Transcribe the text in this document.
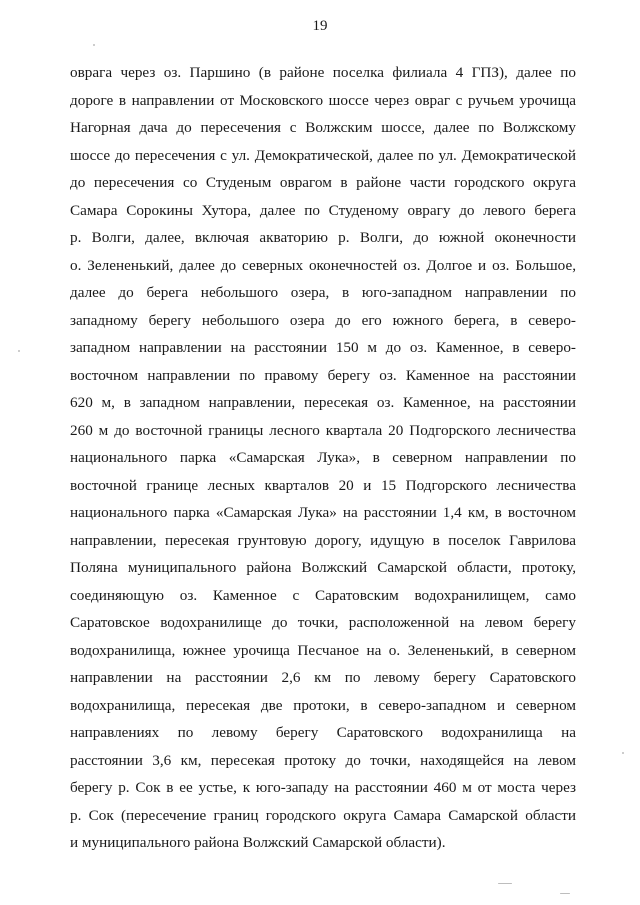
19
оврага через оз. Паршино (в районе поселка филиала 4 ГПЗ), далее по
дороге в направлении от Московского шоссе через овраг с ручьем урочища
Нагорная дача до пересечения с Волжским шоссе, далее по Волжскому
шоссе до пересечения с ул. Демократической, далее по ул. Демократической
до пересечения со Студеным оврагом в районе части городского округа
Самара Сорокины Хутора, далее по Студеному оврагу до левого берега
р. Волги, далее, включая акваторию р. Волги, до южной оконечности
о. Зелененький, далее до северных оконечностей оз. Долгое и оз. Большое,
далее до берега небольшого озера, в юго-западном направлении по
западному берегу небольшого озера до его южного берега, в северо-
западном направлении на расстоянии 150 м до оз. Каменное, в северо-
восточном направлении по правому берегу оз. Каменное на расстоянии
620 м, в западном направлении, пересекая оз. Каменное, на расстоянии
260 м до восточной границы лесного квартала 20 Подгорского лесничества
национального парка «Самарская Лука», в северном направлении по
восточной границе лесных кварталов 20 и 15 Подгорского лесничества
национального парка «Самарская Лука» на расстоянии 1,4 км, в восточном
направлении, пересекая грунтовую дорогу, идущую в поселок Гаврилова
Поляна муниципального района Волжский Самарской области, протоку,
соединяющую оз. Каменное с Саратовским водохранилищем, само
Саратовское водохранилище до точки, расположенной на левом берегу
водохранилища, южнее урочища Песчаное на о. Зелененький, в северном
направлении на расстоянии 2,6 км по левому берегу Саратовского
водохранилища, пересекая две протоки, в северо-западном и северном
направлениях по левому берегу Саратовского водохранилища на
расстоянии 3,6 км, пересекая протоку до точки, находящейся на левом
берегу р. Сок в ее устье, к юго-западу на расстоянии 460 м от моста через
р. Сок (пересечение границ городского округа Самара Самарской области
и муниципального района Волжский Самарской области).
